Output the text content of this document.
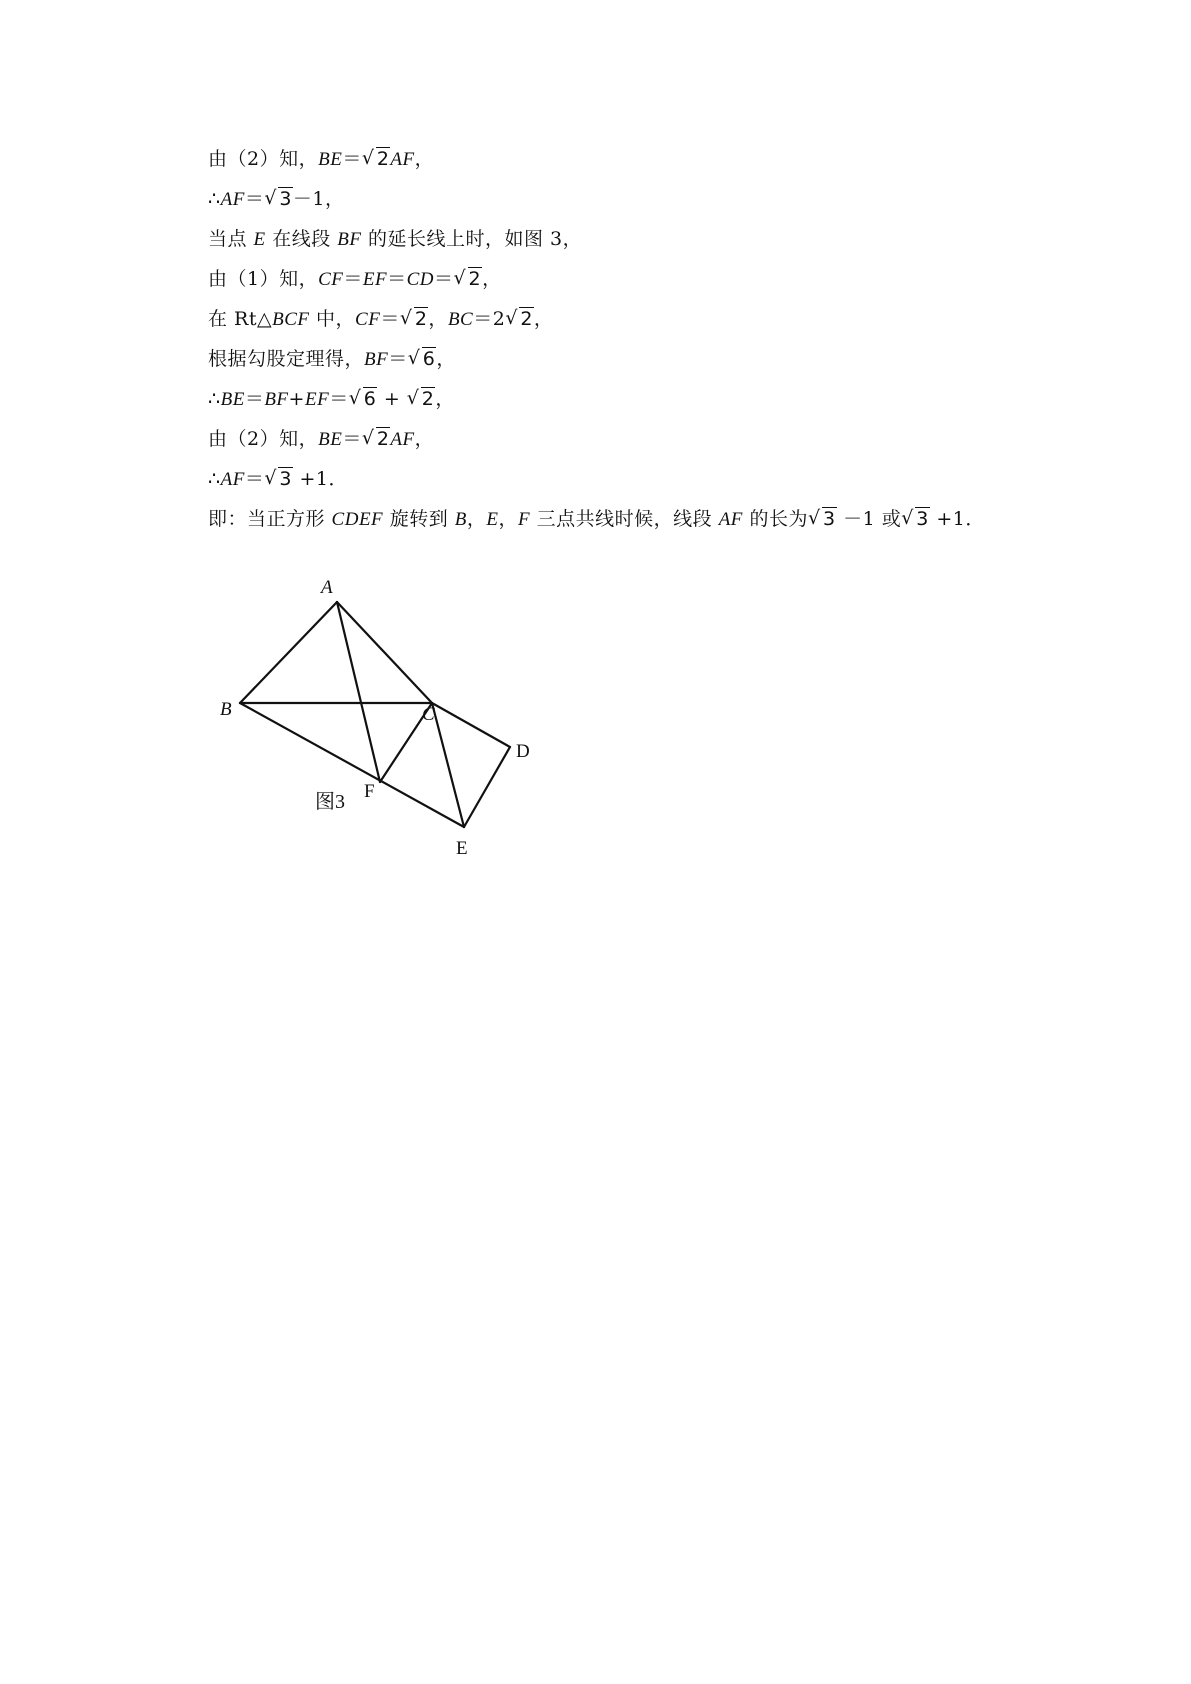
由（2）知，BE＝ √ 2AF，
∴AF＝ √ 3－1，
当点 E 在线段 BF 的延长线上时，如图 3，
由（1）知，CF＝EF＝CD＝ √ 2，
在 Rt△BCF 中，CF＝ √ 2，BC＝2 √ 2，
根据勾股定理得，BF＝ √ 6，
∴BE＝BF+EF＝ √ 6 + √ 2，
由（2）知，BE＝ √ 2AF，
∴AF＝ √ 3 +1．
即：当正方形 CDEF 旋转到 B，E，F 三点共线时候，线段 AF 的长为 √ 3 －1 或 √ 3 +1．
A
B	C
D
E
F
图3
